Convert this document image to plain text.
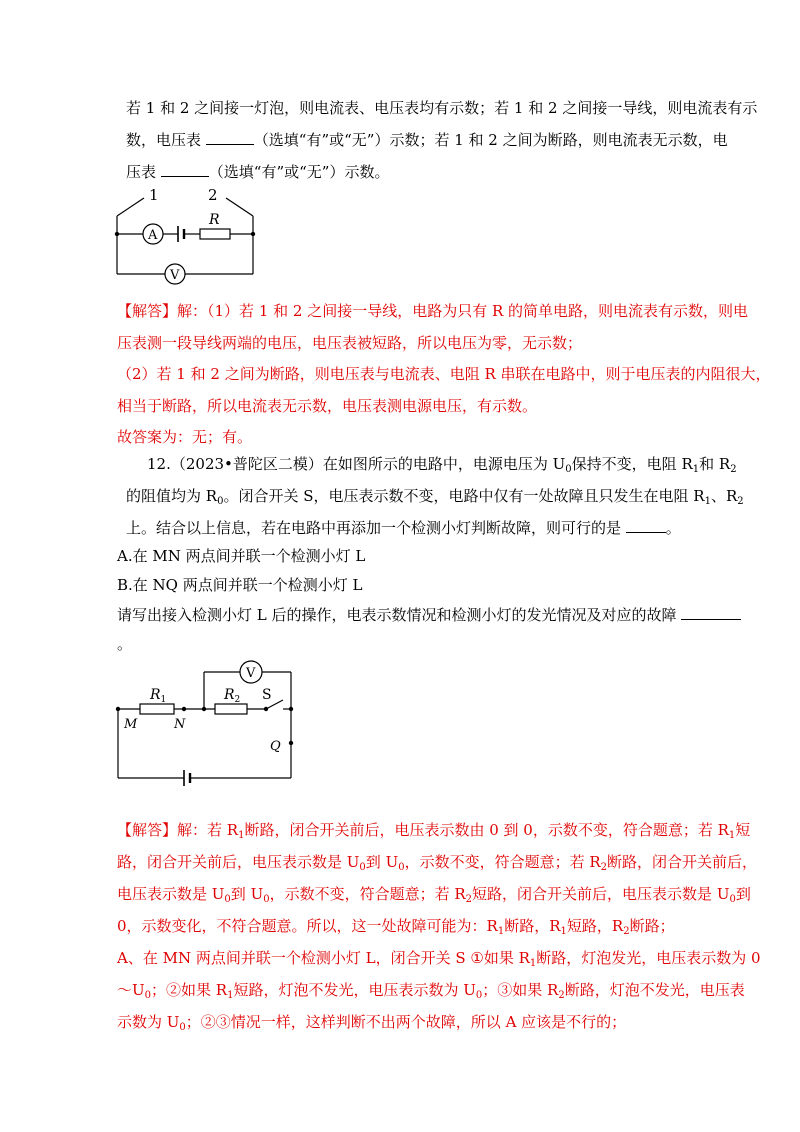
若 1 和 2 之间接一灯泡，则电流表、电压表均有示数；若 1 和 2 之间接一导线，则电流表有示
数，电压表	（选填“有”或“无”）示数；若 1 和 2 之间为断路，则电流表无示数，电
压表	（选填“有”或“无”）示数。
1	2
A
R
V
【解答】解：（1）若 1 和 2 之间接一导线，电路为只有 R 的简单电路，则电流表有示数，则电
压表测一段导线两端的电压，电压表被短路，所以电压为零，无示数；
（2）若 1 和 2 之间为断路，则电压表与电流表、电阻 R 串联在电路中，则于电压表的内阻很大，
相当于断路，所以电流表无示数，电压表测电源电压，有示数。
故答案为：无；有。
12.（2023•普陀区二模）在如图所示的电路中，电源电压为 $U_0$保持不变，电阻 $R_1$和 $R_2$
的阻值均为 $R_0$。闭合开关 S，电压表示数不变，电路中仅有一处故障且只发生在电阻 $R_1$、$R_2$
上。结合以上信息，若在电路中再添加一个检测小灯判断故障，则可行的是	。
A.在 MN 两点间并联一个检测小灯 L
B.在 NQ 两点间并联一个检测小灯 L
请写出接入检测小灯 L 后的操作，电表示数情况和检测小灯的发光情况及对应的故障
。
V
$R_1$	$R_2$ S
M	N
Q
【解答】解：若 $R_1$断路，闭合开关前后，电压表示数由 0 到 0，示数不变，符合题意；若 $R_1$短
路，闭合开关前后，电压表示数是 $U_0$到 $U_0$，示数不变，符合题意；若 $R_2$断路，闭合开关前后，
电压表示数是 $U_0$到 $U_0$，示数不变，符合题意；若 $R_2$短路，闭合开关前后，电压表示数是 $U_0$到
0，示数变化，不符合题意。所以，这一处故障可能为：$R_1$断路，$R_1$短路，$R_2$断路；
A、在 MN 两点间并联一个检测小灯 L，闭合开关 S ①如果 $R_1$断路，灯泡发光，电压表示数为 0
$\sim U_0$；②如果 $R_1$短路，灯泡不发光，电压表示数为 $U_0$；③如果 $R_2$断路，灯泡不发光，电压表
示数为 $U_0$；②③情况一样，这样判断不出两个故障，所以 A 应该是不行的；
